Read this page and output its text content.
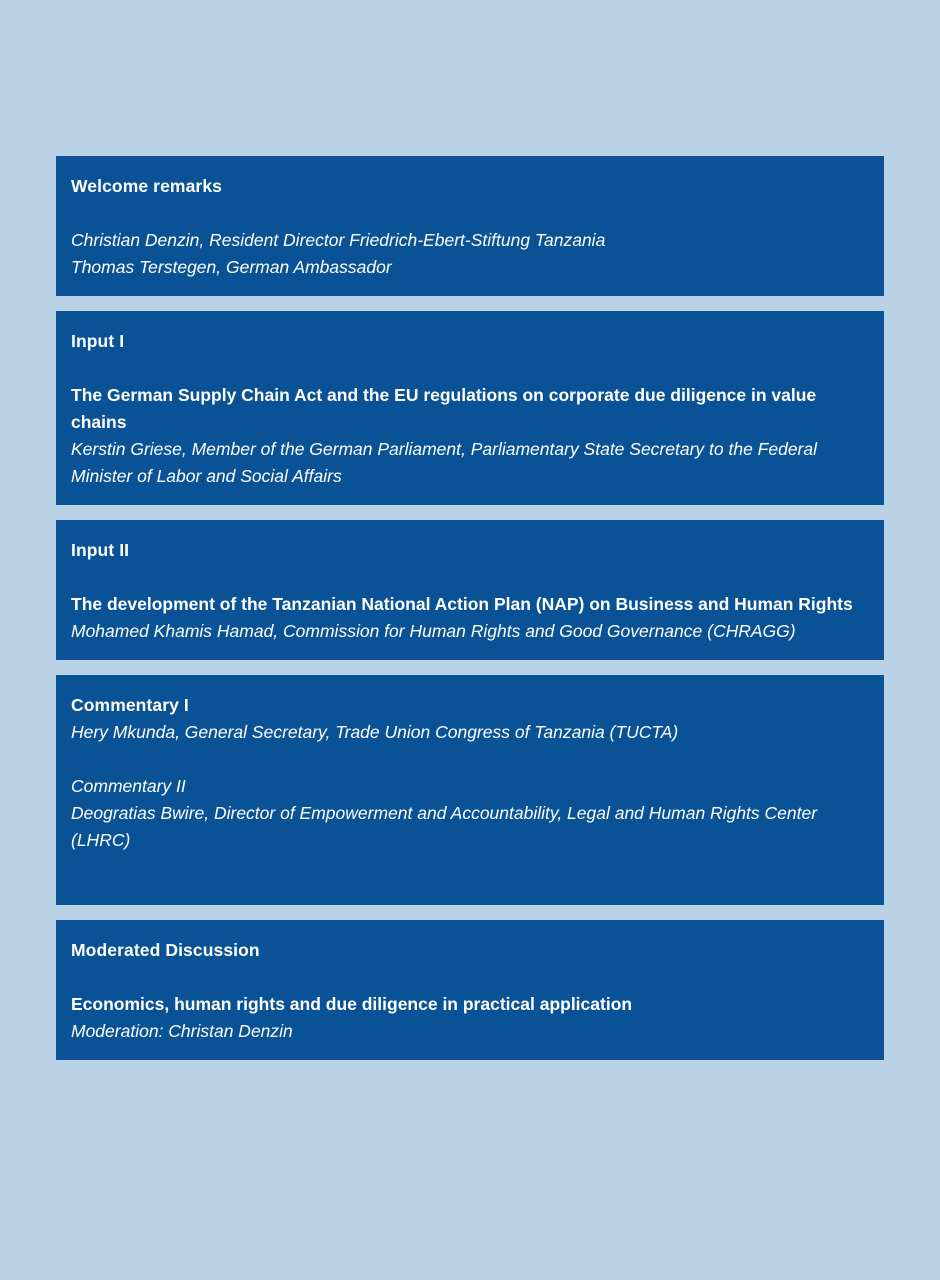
Welcome remarks

Christian Denzin, Resident Director Friedrich-Ebert-Stiftung Tanzania

Thomas Terstegen, German Ambassador

Input I

The German Supply Chain Act and the EU regulations on corporate due diligence in value chains

Kerstin Griese, Member of the German Parliament, Parliamentary State Secretary to the Federal Minister of Labor and Social Affairs

Input II

The development of the Tanzanian National Action Plan (NAP) on Business and Human Rights

Mohamed Khamis Hamad, Commission for Human Rights and Good Governance (CHRAGG)

Commentary I

Hery Mkunda, General Secretary, Trade Union Congress of Tanzania (TUCTA)

Commentary II

Deogratias Bwire, Director of Empowerment and Accountability, Legal and Human Rights Center (LHRC)

Moderated Discussion

Economics, human rights and due diligence in practical application

Moderation: Christan Denzin
